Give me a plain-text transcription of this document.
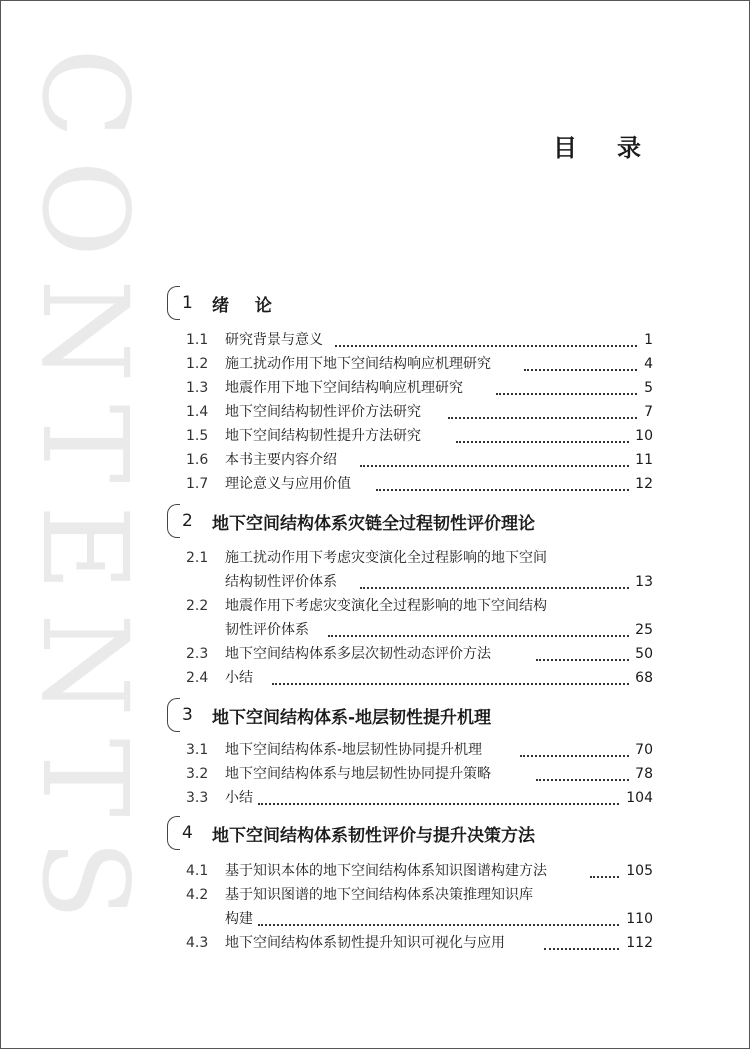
CONTENTS	目录
1 绪 论
1.1 研究背景与意义	1
1.2 施工扰动作用下地下空间结构响应机理研究	4
1.3 地震作用下地下空间结构响应机理研究	5
1.4 地下空间结构韧性评价方法研究	7
1.5 地下空间结构韧性提升方法研究	10
1.6 本书主要内容介绍	11
1.7 理论意义与应用价值	12
2 地下空间结构体系灾链全过程韧性评价理论
2.1 施工扰动作用下考虑灾变演化全过程影响的地下空间
结构韧性评价体系	13
2.2 地震作用下考虑灾变演化全过程影响的地下空间结构
韧性评价体系	25
2.3 地下空间结构体系多层次韧性动态评价方法	50
2.4 小结	68
3 地下空间结构体系-地层韧性提升机理
3.1 地下空间结构体系-地层韧性协同提升机理	70
3.2 地下空间结构体系与地层韧性协同提升策略	78
3.3 小结	104
4 地下空间结构体系韧性评价与提升决策方法
4.1 基于知识本体的地下空间结构体系知识图谱构建方法	105
4.2 基于知识图谱的地下空间结构体系决策推理知识库
构建	110
4.3 地下空间结构体系韧性提升知识可视化与应用	112
